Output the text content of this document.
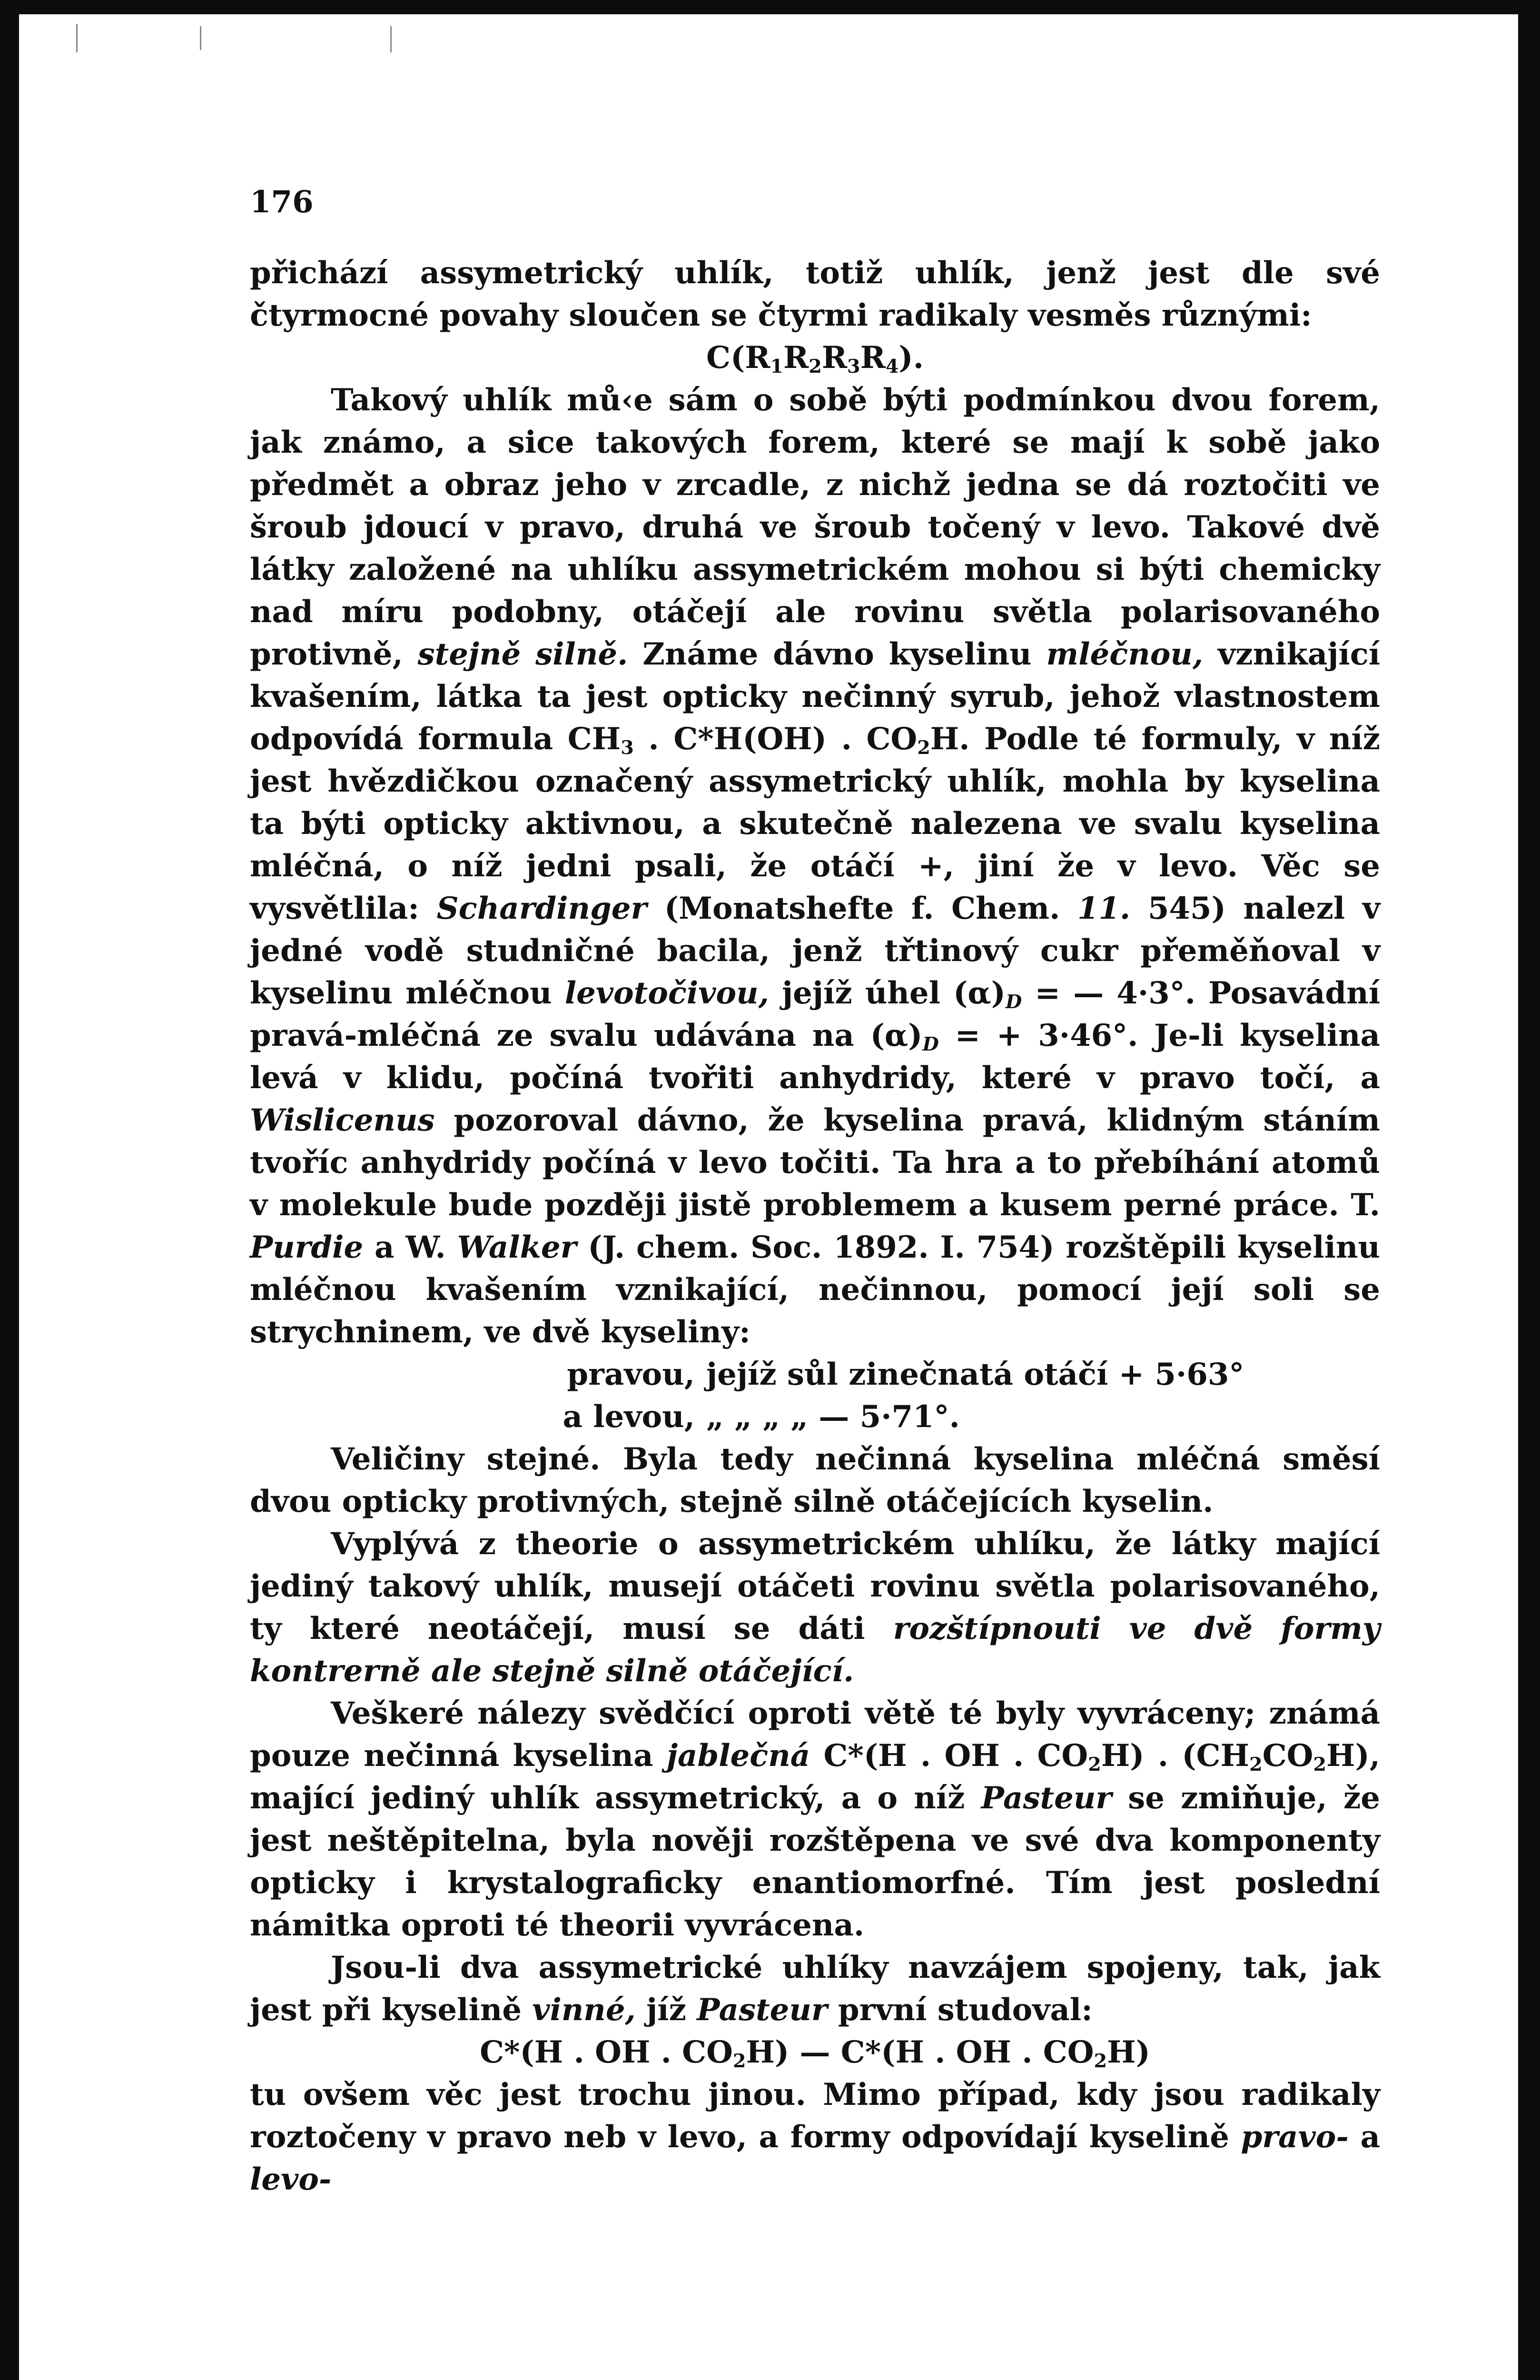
176

přichází assymetrický uhlík, totiž uhlík, jenž jest dle své čtyrmocné povahy sloučen se čtyrmi radikaly vesměs různými:

$C(R_1R_2R_3R_4)$.

Takový uhlík mů‹e sám o sobě býti podmínkou dvou forem, jak známo, a sice takových forem, které se mají k sobě jako předmět a obraz jeho v zrcadle, z nichž jedna se dá roztočiti ve šroub jdoucí v pravo, druhá ve šroub točený v levo. Takové dvě látky založené na uhlíku assymetrickém mohou si býti chemicky nad míru podobny, otáčejí ale rovinu světla polarisovaného protivně, stejně silně. Známe dávno kyselinu mléčnou, vznikající kvašením, látka ta jest opticky nečinný syrub, jehož vlastnostem odpovídá formula $CH_3$ . C*H(OH) . $CO_2H$. Podle té formuly, v níž jest hvězdičkou označený assymetrický uhlík, mohla by kyselina ta býti opticky aktivnou, a skutečně nalezena ve svalu kyselina mléčná, o níž jedni psali, že otáčí +, jiní že v levo. Věc se vysvětlila: Schardinger (Monatshefte f. Chem. 11. 545) nalezl v jedné vodě studničné bacila, jenž třtinový cukr přeměňoval v kyselinu mléčnou levotočivou, jejíž úhel $(\alpha)_D$ = — 4·3°. Posavádní pravá-mléčná ze svalu udávána na $(\alpha)_D$ = + 3·46°. Je-li kyselina levá v klidu, počíná tvořiti anhydridy, které v pravo točí, a Wislicenus pozoroval dávno, že kyselina pravá, klidným stáním tvoříc anhydridy počíná v levo točiti. Ta hra a to přebíhání atomů v molekule bude později jistě problemem a kusem perné práce. T. Purdie a W. Walker (J. chem. Soc. 1892. I. 754) rozštěpili kyselinu mléčnou kvašením vznikající, nečinnou, pomocí její soli se strychninem, ve dvě kyseliny:

pravou, jejíž sůl zinečnatá otáčí + 5·63°
a levou, „ „ „ „ — 5·71°.

Veličiny stejné. Byla tedy nečinná kyselina mléčná směsí dvou opticky protivných, stejně silně otáčejících kyselin.

Vyplývá z theorie o assymetrickém uhlíku, že látky mající jediný takový uhlík, musejí otáčeti rovinu světla polarisovaného, ty které neotáčejí, musí se dáti rozštípnouti ve dvě formy kontrerně ale stejně silně otáčející.

Veškeré nálezy svědčící oproti větě té byly vyvráceny; známá pouze nečinná kyselina jablečná C*(H . OH . $CO_2H$) . $(CH_2CO_2H)$, mající jediný uhlík assymetrický, a o níž Pasteur se zmiňuje, že jest neštěpitelna, byla nověji rozštěpena ve své dva komponenty opticky i krystalograficky enantiomorfné. Tím jest poslední námitka oproti té theorii vyvrácena.

Jsou-li dva assymetrické uhlíky navzájem spojeny, tak, jak jest při kyselině vinné, jíž Pasteur první studoval:

C*(H . OH . $CO_2H$) — C*(H . OH . $CO_2H$)

tu ovšem věc jest trochu jinou. Mimo případ, kdy jsou radikaly roztočeny v pravo neb v levo, a formy odpovídají kyselině pravo- a levo-
